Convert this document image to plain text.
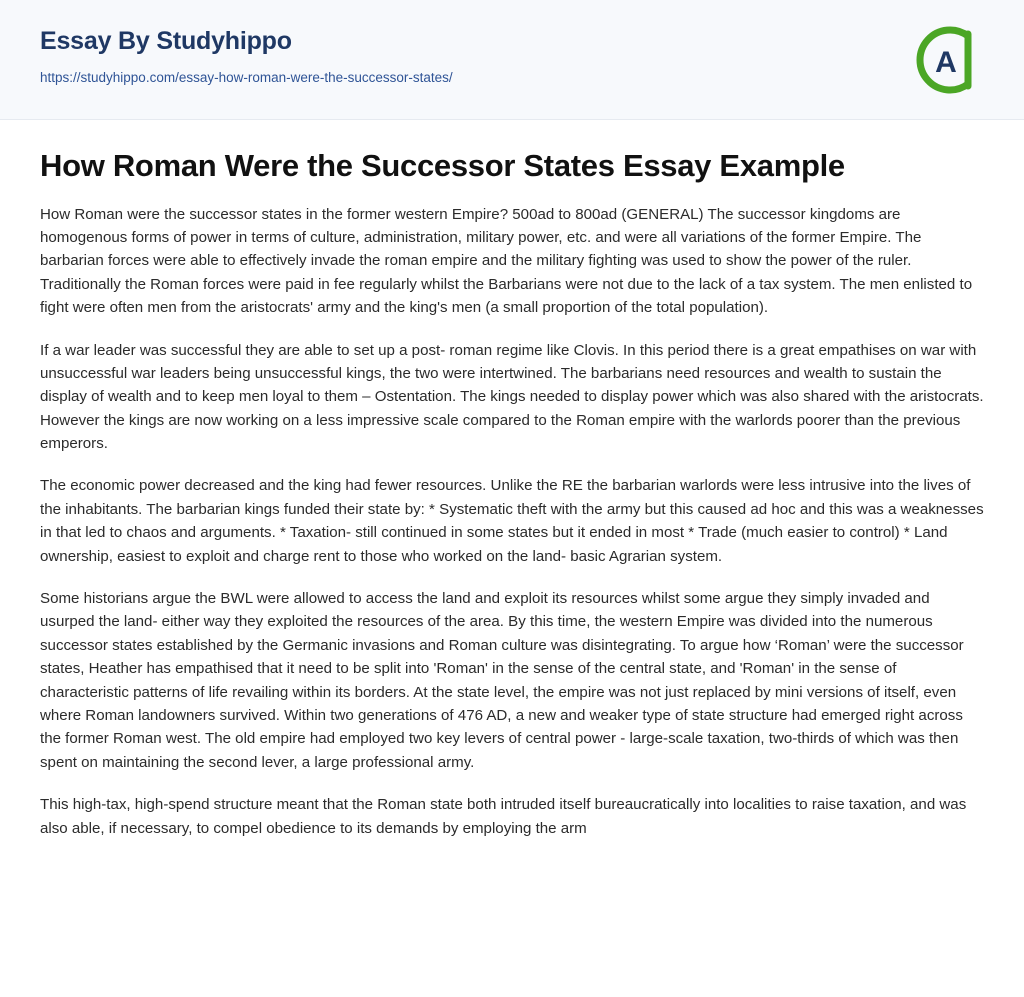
Essay By Studyhippo
https://studyhippo.com/essay-how-roman-were-the-successor-states/	A
How Roman Were the Successor States Essay Example

How Roman were the successor states in the former western Empire? 500ad to 800ad (GENERAL) The successor kingdoms are homogenous forms of power in terms of culture, administration, military power, etc. and were all variations of the former Empire. The barbarian forces were able to effectively invade the roman empire and the military fighting was used to show the power of the ruler. Traditionally the Roman forces were paid in fee regularly whilst the Barbarians were not due to the lack of a tax system. The men enlisted to fight were often men from the aristocrats' army and the king's men (a small proportion of the total population).

If a war leader was successful they are able to set up a post- roman regime like Clovis. In this period there is a great empathises on war with unsuccessful war leaders being unsuccessful kings, the two were intertwined. The barbarians need resources and wealth to sustain the display of wealth and to keep men loyal to them – Ostentation. The kings needed to display power which was also shared with the aristocrats. However the kings are now working on a less impressive scale compared to the Roman empire with the warlords poorer than the previous emperors.

The economic power decreased and the king had fewer resources. Unlike the RE the barbarian warlords were less intrusive into the lives of the inhabitants. The barbarian kings funded their state by: * Systematic theft with the army but this caused ad hoc and this was a weaknesses in that led to chaos and arguments. * Taxation- still continued in some states but it ended in most * Trade (much easier to control) * Land ownership, easiest to exploit and charge rent to those who worked on the land- basic Agrarian system.

Some historians argue the BWL were allowed to access the land and exploit its resources whilst some argue they simply invaded and usurped the land- either way they exploited the resources of the area. By this time, the western Empire was divided into the numerous successor states established by the Germanic invasions and Roman culture was disintegrating. To argue how ‘Roman’ were the successor states, Heather has empathised that it need to be split into 'Roman' in the sense of the central state, and 'Roman' in the sense of characteristic patterns of life revailing within its borders. At the state level, the empire was not just replaced by mini versions of itself, even where Roman landowners survived. Within two generations of 476 AD, a new and weaker type of state structure had emerged right across the former Roman west. The old empire had employed two key levers of central power - large-scale taxation, two-thirds of which was then spent on maintaining the second lever, a large professional army.

This high-tax, high-spend structure meant that the Roman state both intruded itself bureaucratically into localities to raise taxation, and was also able, if necessary, to compel obedience to its demands by employing the arm
